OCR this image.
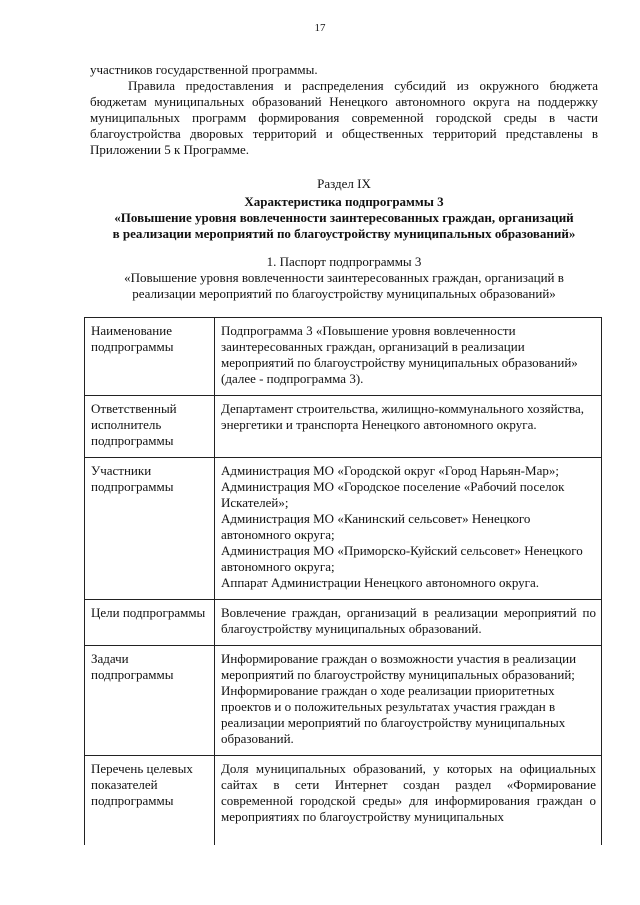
17

участников государственной программы.

Правила предоставления и распределения субсидий из окружного бюджета бюджетам муниципальных образований Ненецкого автономного округа на поддержку муниципальных программ формирования современной городской среды в части благоустройства дворовых территорий и общественных территорий представлены в Приложении 5 к Программе.

Раздел IX
Характеристика подпрограммы 3
«Повышение уровня вовлеченности заинтересованных граждан, организаций
в реализации мероприятий по благоустройству муниципальных образований»
1. Паспорт подпрограммы 3
«Повышение уровня вовлеченности заинтересованных граждан, организаций в
реализации мероприятий по благоустройству муниципальных образований»
Наименование подпрограммы	Подпрограмма 3 «Повышение уровня вовлеченности заинтересованных граждан, организаций в реализации мероприятий по благоустройству муниципальных образований» (далее - подпрограмма 3).
Ответственный исполнитель подпрограммы	Департамент строительства, жилищно-коммунального хозяйства, энергетики и транспорта Ненецкого автономного округа.
Участники подпрограммы	Администрация МО «Городской округ «Город Нарьян-Мар»;
Администрация МО «Городское поселение «Рабочий поселок Искателей»;
Администрация МО «Канинский сельсовет» Ненецкого автономного округа;
Администрация МО «Приморско-Куйский сельсовет» Ненецкого автономного округа;
Аппарат Администрации Ненецкого автономного округа.

Цели подпрограммы	Вовлечение граждан, организаций в реализации мероприятий по благоустройству муниципальных образований.
Задачи подпрограммы	Информирование граждан о возможности участия в реализации мероприятий по благоустройству муниципальных образований;
Информирование граждан о ходе реализации приоритетных проектов и о положительных результатах участия граждан в реализации мероприятий по благоустройству муниципальных образований.

Перечень целевых показателей подпрограммы	Доля муниципальных образований, у которых на официальных сайтах в сети Интернет создан раздел «Формирование современной городской среды» для информирования граждан о мероприятиях по благоустройству муниципальных
